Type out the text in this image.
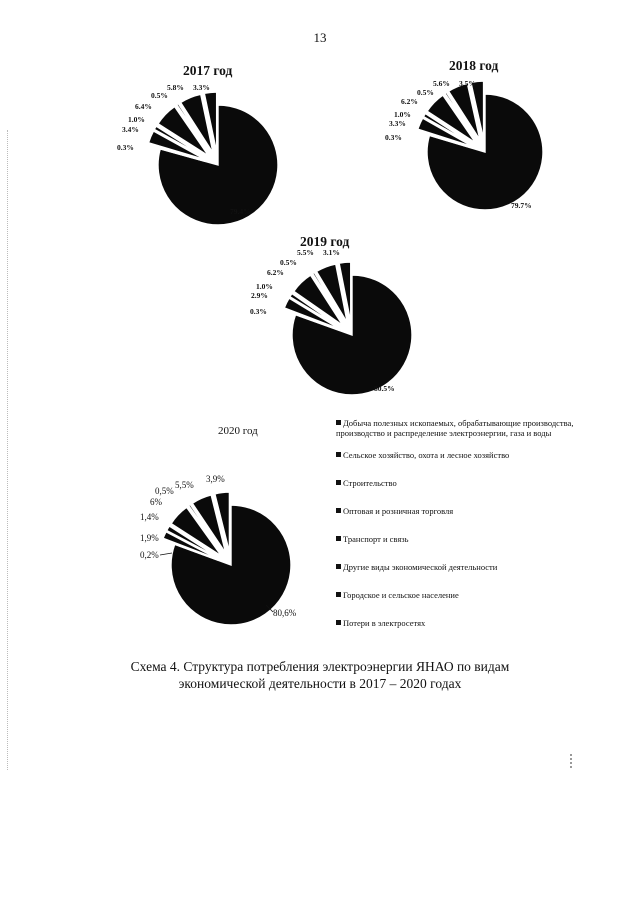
13
2017 год	2018 год
2019 год
2020 год
79.4%
0.3%
3.4%
1.0%
6.4%
0.5%
5.8% 3.3%
79.7%
0.3%
3.3%
1.0%
6.2%
0.5%
5.6% 3.5%
80.5%
0.3%
2.9%
1.0%
6.2%
0.5%
5.5% 3.1%
80,6%
0,2%
1,9%
1,4%
6%
0,5%
5,5%
3,9%
Добыча полезных ископаемых, обрабатывающие производства, производство и распределение электроэнергии, газа и воды
Сельское хозяйство, охота и лесное хозяйство
Строительство
Оптовая и розничная торговля
Транспорт и связь
Другие виды экономической деятельности
Городское и сельское население
Потери в электросетях
Схема 4. Структура потребления электроэнергии ЯНАО по видам экономической деятельности в 2017 – 2020 годах
